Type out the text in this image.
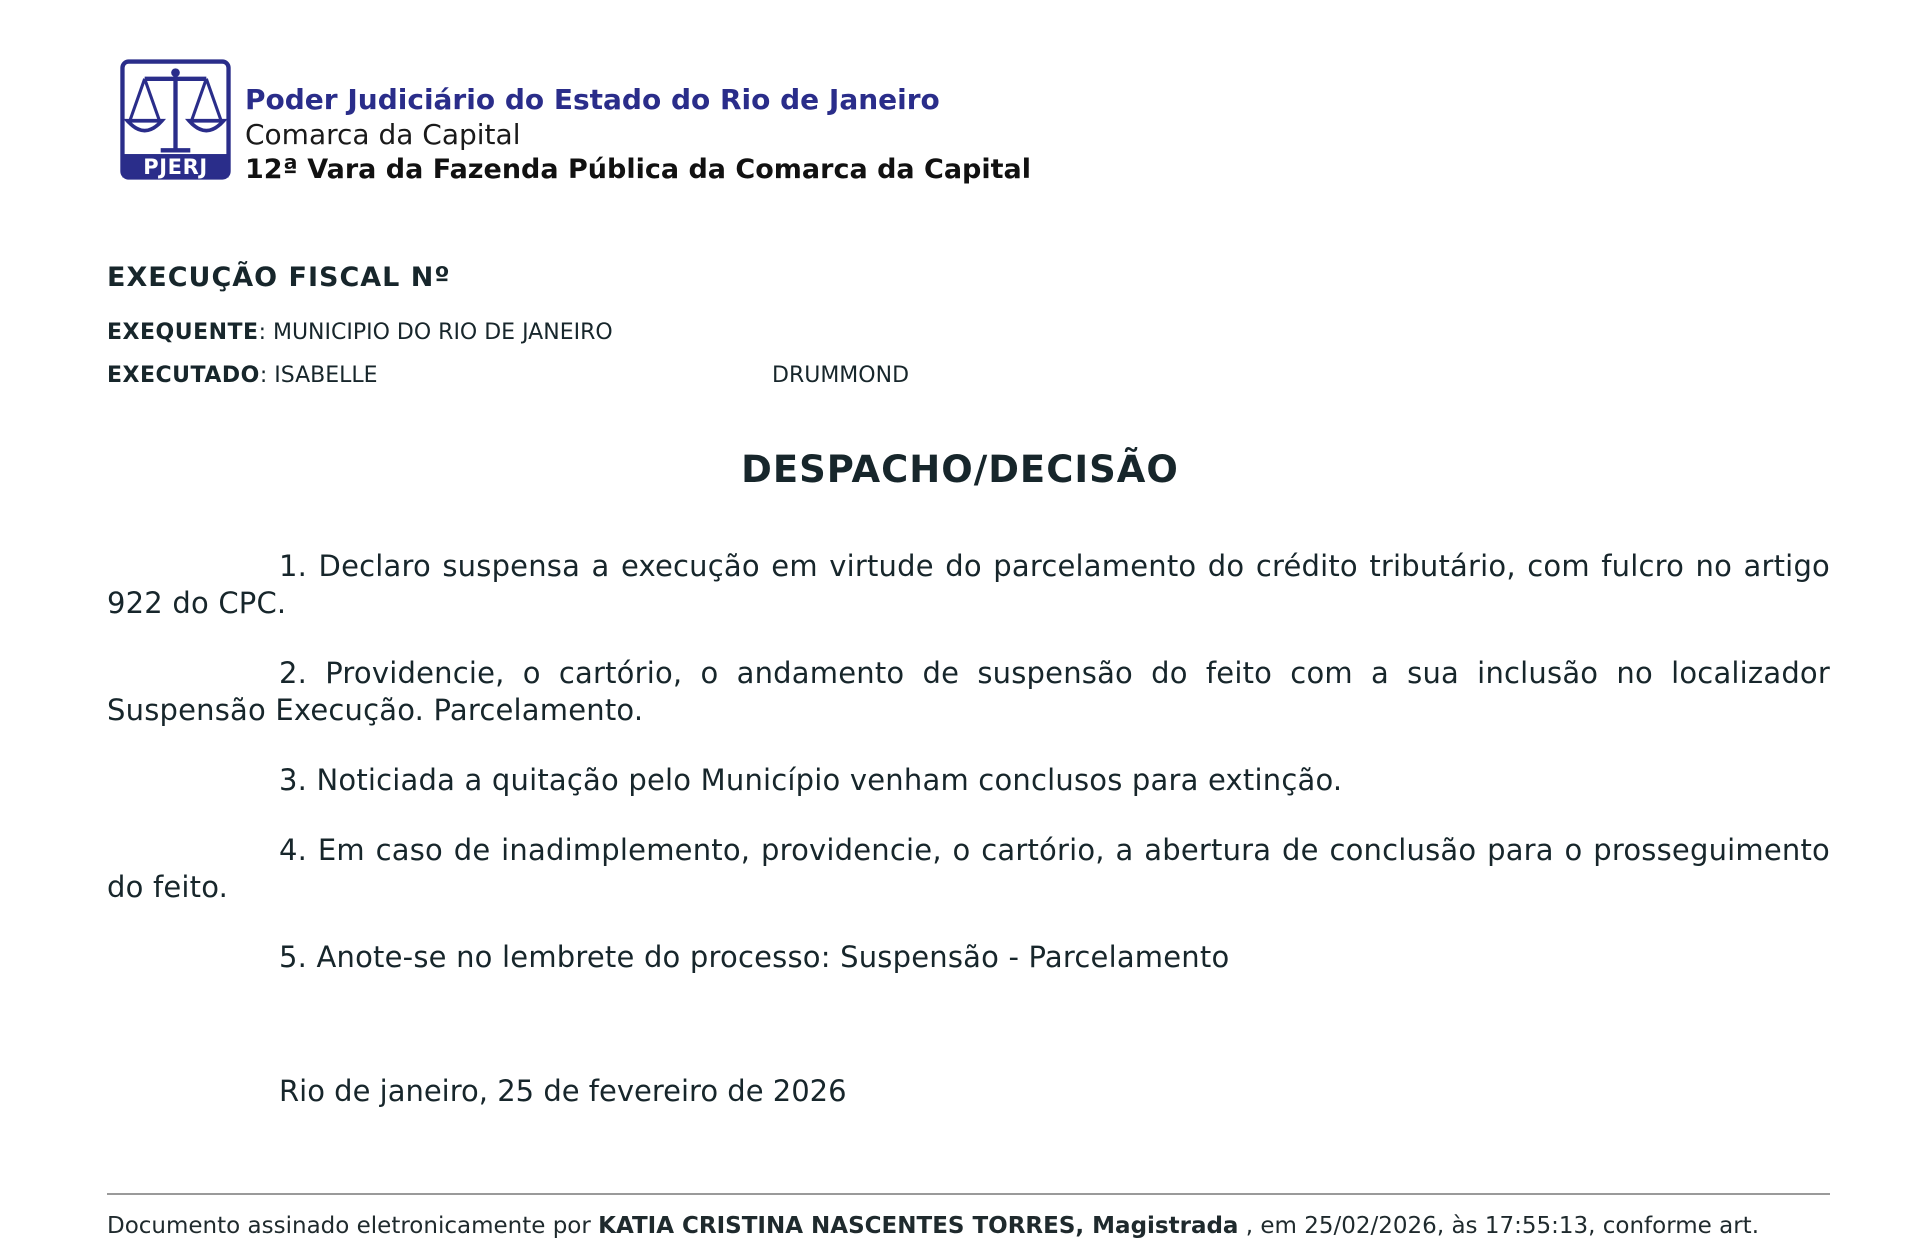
PJERJ
Poder Judiciário do Estado do Rio de Janeiro
Comarca da Capital
12ª Vara da Fazenda Pública da Comarca da Capital
EXECUÇÃO FISCAL Nº
EXEQUENTE: MUNICIPIO DO RIO DE JANEIRO
EXECUTADO: ISABELLE	DRUMMOND
DESPACHO/DECISÃO

1. Declaro suspensa a execução em virtude do parcelamento do crédito tributário, com fulcro no artigo 922 do CPC.

2. Providencie, o cartório, o andamento de suspensão do feito com a sua inclusão no localizador Suspensão Execução. Parcelamento.

3. Noticiada a quitação pelo Município venham conclusos para extinção.

4. Em caso de inadimplemento, providencie, o cartório, a abertura de conclusão para o prosseguimento do feito.

5. Anote-se no lembrete do processo: Suspensão - Parcelamento

Rio de janeiro, 25 de fevereiro de 2026
Documento assinado eletronicamente por KATIA CRISTINA NASCENTES TORRES, Magistrada , em 25/02/2026, às 17:55:13, conforme art.
